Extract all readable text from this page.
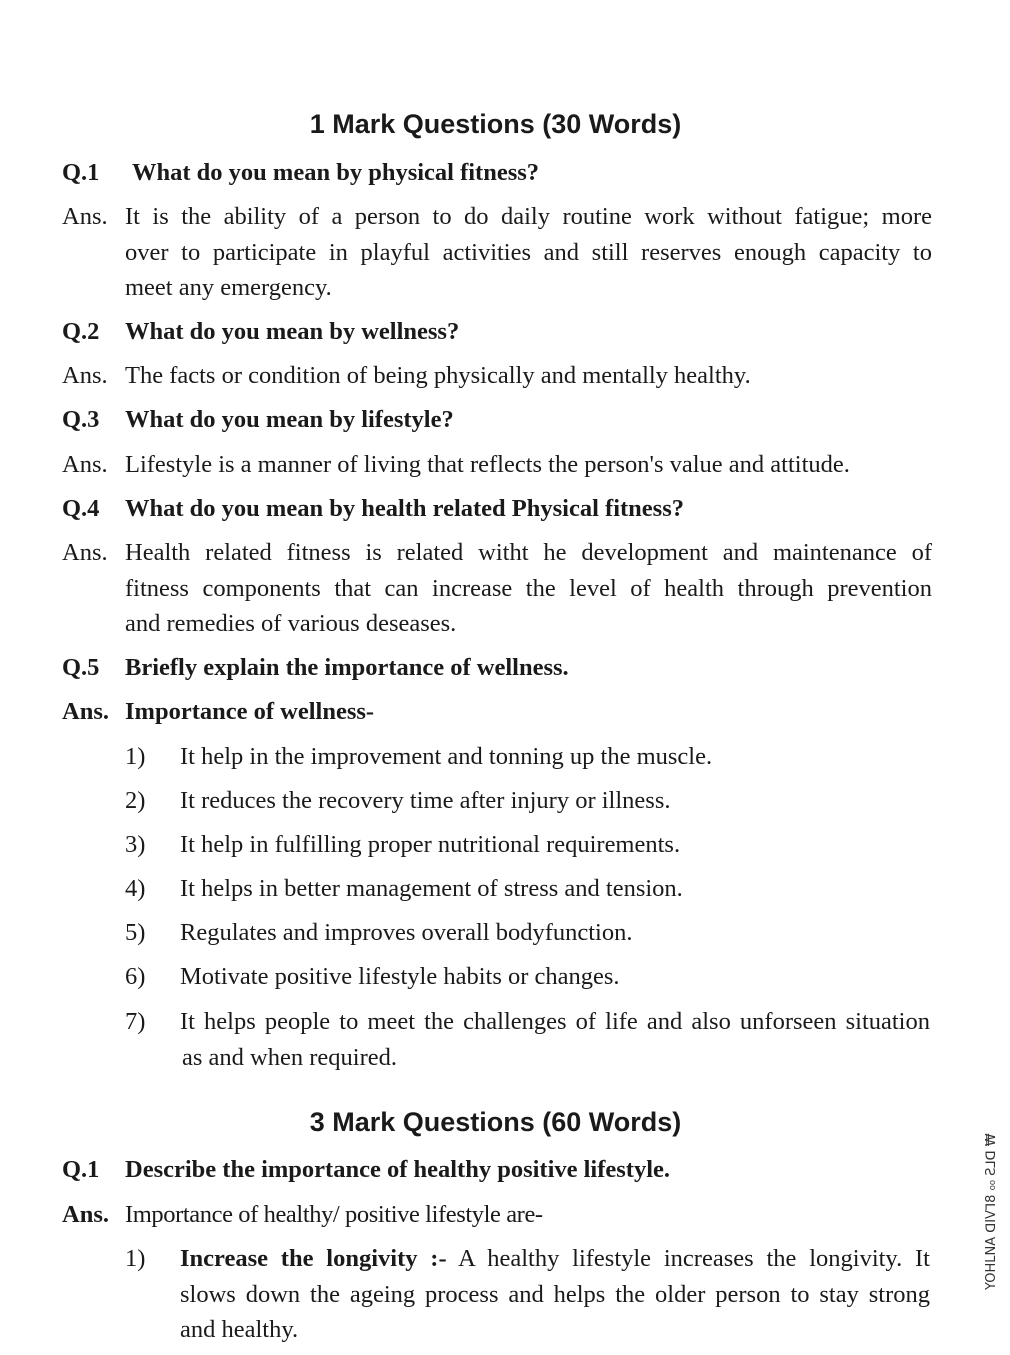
1 Mark Questions (30 Words)
Q.1 What do you mean by physical fitness?
Ans. It is the ability of a person to do daily routine work without fatigue; more
over to participate in playful activities and still reserves enough capacity to
meet any emergency.
Q.2 What do you mean by wellness?
Ans. The facts or condition of being physically and mentally healthy.
Q.3 What do you mean by lifestyle?
Ans. Lifestyle is a manner of living that reflects the person's value and attitude.
Q.4 What do you mean by health related Physical fitness?
Ans. Health related fitness is related witht he development and maintenance of
fitness components that can increase the level of health through prevention
and remedies of various deseases.
Q.5 Briefly explain the importance of wellness.
Ans. Importance of wellness-
1) It help in the improvement and tonning up the muscle.
2) It reduces the recovery time after injury or illness.
3) It help in fulfilling proper nutritional requirements.
4) It helps in better management of stress and tension.
5) Regulates and improves overall bodyfunction.
6) Motivate positive lifestyle habits or changes.
7) It helps people to meet the challenges of life and also unforseen situation
as and when required.
3 Mark Questions (60 Words)
Q.1 Describe the importance of healthy positive lifestyle.
Ans. Importance of healthy/ positive lifestyle are-
1) Increase the longivity :- A healthy lifestyle increases the longivity. It
slows down the ageing process and helps the older person to stay strong
and healthy.
YOHLNA ᗡIVꓶ8 ₀₀ Ƨ⅃ᗡ ₩
